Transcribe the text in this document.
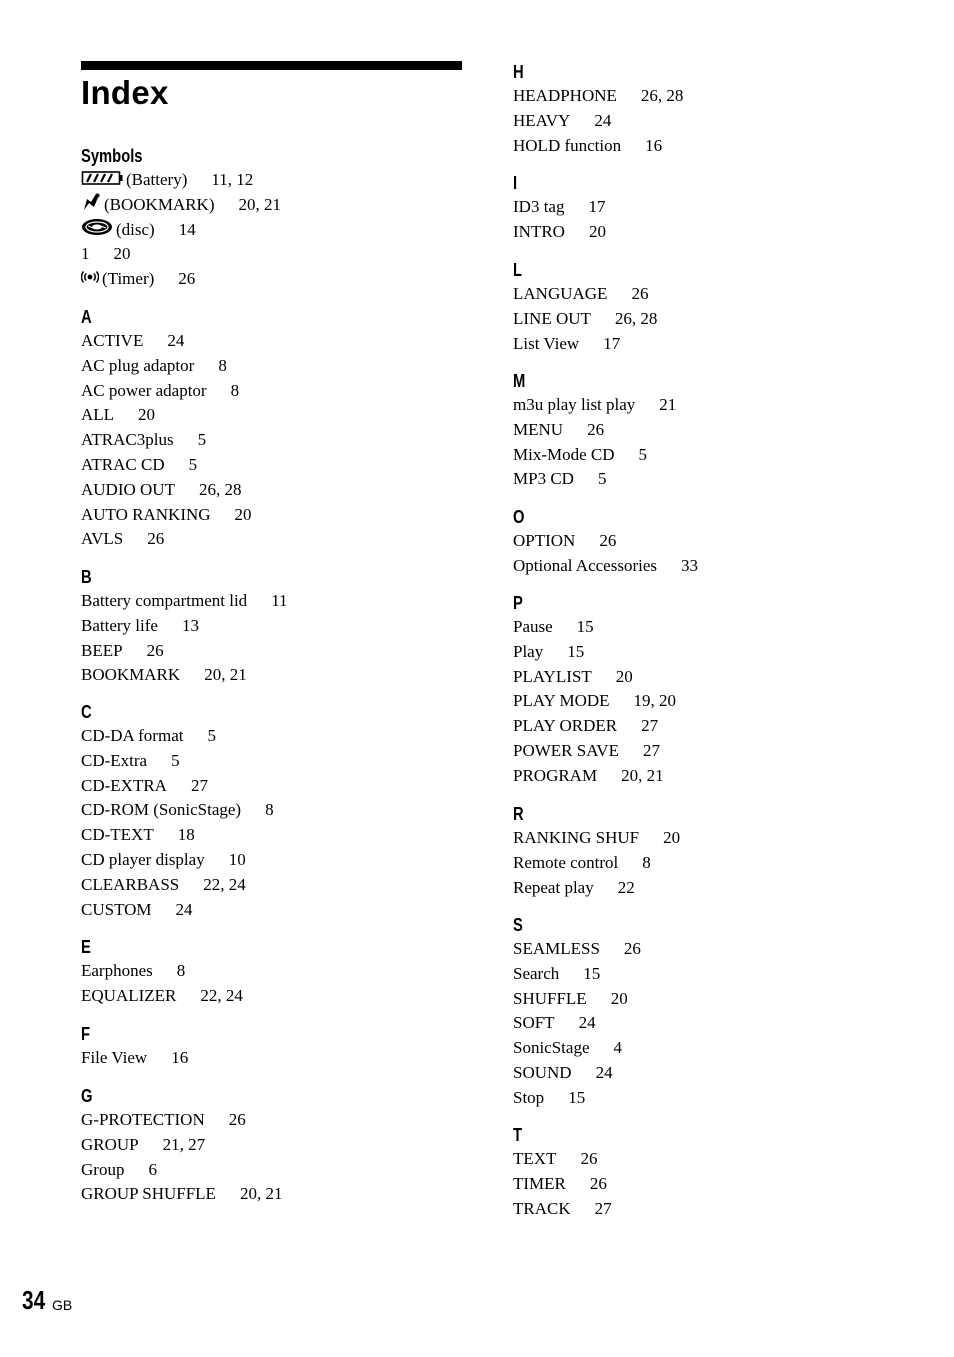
Index
Symbols
(Battery) 11, 12
(BOOKMARK) 20, 21
(disc) 14
1 20
(Timer) 26
A
ACTIVE 24
AC plug adaptor 8
AC power adaptor 8
ALL 20
ATRAC3plus 5
ATRAC CD 5
AUDIO OUT 26, 28
AUTO RANKING 20
AVLS 26
B
Battery compartment lid 11
Battery life 13
BEEP 26
BOOKMARK 20, 21
C
CD-DA format 5
CD-Extra 5
CD-EXTRA 27
CD-ROM (SonicStage) 8
CD-TEXT 18
CD player display 10
CLEARBASS 22, 24
CUSTOM 24
E
Earphones 8
EQUALIZER 22, 24
F
File View 16
G
G-PROTECTION 26
GROUP 21, 27
Group 6
GROUP SHUFFLE 20, 21
H
HEADPHONE 26, 28
HEAVY 24
HOLD function 16
I
ID3 tag 17
INTRO 20
L
LANGUAGE 26
LINE OUT 26, 28
List View 17
M
m3u play list play 21
MENU 26
Mix-Mode CD 5
MP3 CD 5
O
OPTION 26
Optional Accessories 33
P
Pause 15
Play 15
PLAYLIST 20
PLAY MODE 19, 20
PLAY ORDER 27
POWER SAVE 27
PROGRAM 20, 21
R
RANKING SHUF 20
Remote control 8
Repeat play 22
S
SEAMLESS 26
Search 15
SHUFFLE 20
SOFT 24
SonicStage 4
SOUND 24
Stop 15
T
TEXT 26
TIMER 26
TRACK 27
34 GB
